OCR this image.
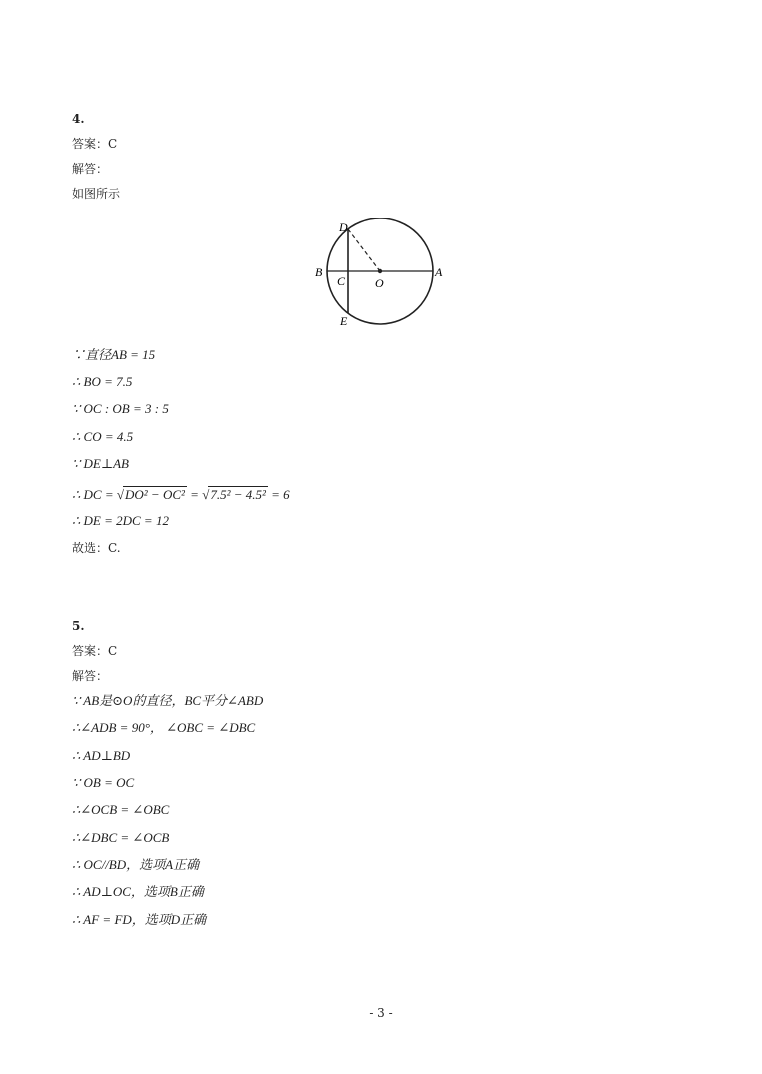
4.
答案：C
解答：
如图所示
D
B
C O
A
E
∵直径AB = 15
∴ BO = 7.5
∵ OC : OB = 3 : 5
∴ CO = 4.5
∵ DE⊥AB
∴ DC = √DO² − OC² = √7.5² − 4.5² = 6
∴ DE = 2DC = 12
故选：C.
5.
答案：C
解答：
∵ AB是⊙O的直径，BC平分∠ABD
∴∠ADB = 90°， ∠OBC = ∠DBC
∴ AD⊥BD
∵ OB = OC
∴∠OCB = ∠OBC
∴∠DBC = ∠OCB
∴ OC//BD，选项A正确
∴ AD⊥OC，选项B正确
∴ AF = FD，选项D正确
- 3 -
